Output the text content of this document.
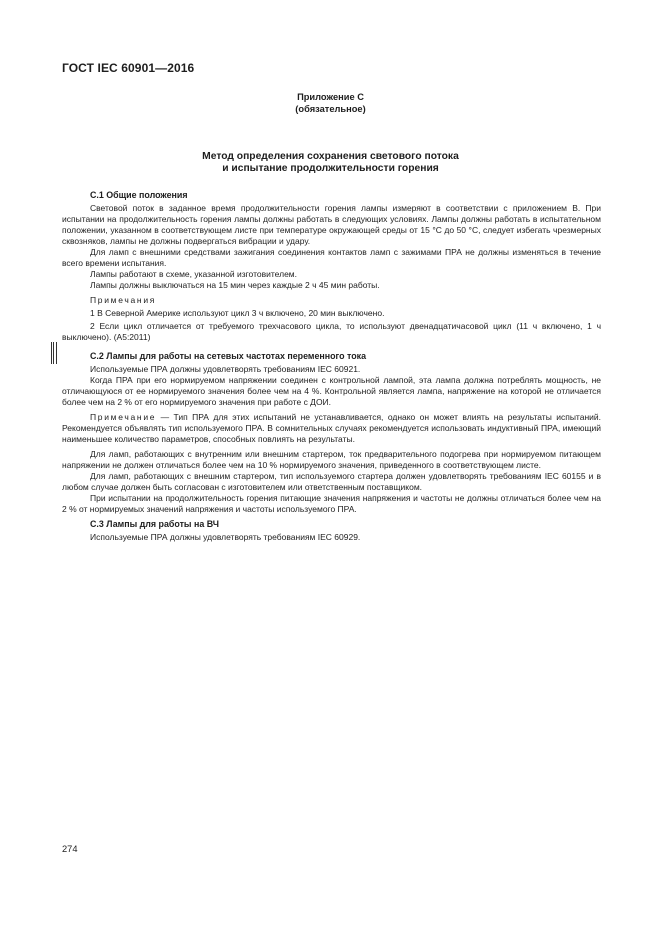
ГОСТ IEC 60901—2016
Приложение С
(обязательное)
Метод определения сохранения светового потока
и испытание продолжительности горения
С.1 Общие положения

Световой поток в заданное время продолжительности горения лампы измеряют в соответствии с приложением В. При испытании на продолжительность горения лампы должны работать в следующих условиях. Лампы должны работать в испытательном положении, указанном в соответствующем листе при температуре окружающей среды от 15 °С до 50 °С, следует избегать чрезмерных сквозняков, лампы не должны подвергаться вибрации и удару.

Для ламп с внешними средствами зажигания соединения контактов ламп с зажимами ПРА не должны изменяться в течение всего времени испытания.

Лампы работают в схеме, указанной изготовителем.

Лампы должны выключаться на 15 мин через каждые 2 ч 45 мин работы.

Примечания

1 В Северной Америке используют цикл 3 ч включено, 20 мин выключено.

2 Если цикл отличается от требуемого трехчасового цикла, то используют двенадцатичасовой цикл (11 ч включено, 1 ч выключено). (А5:2011)

С.2 Лампы для работы на сетевых частотах переменного тока

Используемые ПРА должны удовлетворять требованиям IEC 60921.

Когда ПРА при его нормируемом напряжении соединен с контрольной лампой, эта лампа должна потреблять мощность, не отличающуюся от ее нормируемого значения более чем на 4 %. Контрольной является лампа, напряжение на которой не отличается более чем на 2 % от его нормируемого значения при работе с ДОИ.

Примечание — Тип ПРА для этих испытаний не устанавливается, однако он может влиять на результаты испытаний. Рекомендуется объявлять тип используемого ПРА. В сомнительных случаях рекомендуется использовать индуктивный ПРА, имеющий наименьшее количество параметров, способных повлиять на результаты.

Для ламп, работающих с внутренним или внешним стартером, ток предварительного подогрева при нормируемом питающем напряжении не должен отличаться более чем на 10 % нормируемого значения, приведенного в соответствующем листе.

Для ламп, работающих с внешним стартером, тип используемого стартера должен удовлетворять требованиям IEC 60155 и в любом случае должен быть согласован с изготовителем или ответственным поставщиком.

При испытании на продолжительность горения питающие значения напряжения и частоты не должны отличаться более чем на 2 % от нормируемых значений напряжения и частоты используемого ПРА.

С.3 Лампы для работы на ВЧ

Используемые ПРА должны удовлетворять требованиям IEC 60929.

274
